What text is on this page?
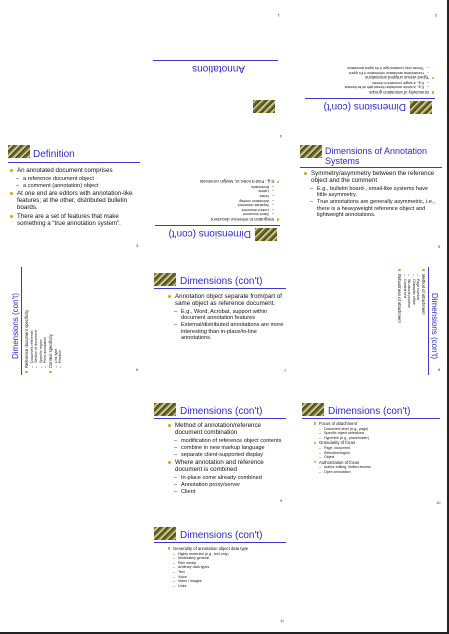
Annotations
1
Dimensions (con't)
Granularity of annotation groups
– E.g., a whole annotation thread with all its threads
– E.g., a single comment in thread
Typed versus untyped annotations
– Human/clear annotation information if it's typed
– Thread only contains type if it's typed annotation
2
Definition
An annotated document comprises
– a reference document object
– a comment (annotation) object
At one end are editors with annotation-like features; at the other, distributed bulletin boards.
There are a set of features that make something a “true annotation system”.
3
Dimensions (con't)
Integration to reference document
– Same document
– Linked document
– Separate document
– Annotation overlay
– Notes
– Labels
– Bookmarks
E.g., Post-It notes vs. Margin comments
4
Dimensions of Annotation Systems
Symmetry/asymmetry between the reference object and the comment
– E.g., bulletin board-, email-like systems have little asymmetry.
– True annotations are generally asymmetric, i.e., there is a heavyweight reference object and lightweight annotations.
5
Dimensions (con't) Reference document specificity – Document reference – Section of document – Specific region – Point annotation Context specificity – Link type – Position
6
Dimensions (con't)
Annotation object separate from/part of same object as reference document.
– E.g., Word, Acrobat, support within document annotation features
– External/distributed annotations are more interesting than in-place/in-line annotations.
7
Dimensions (con't)
Method of attachment
– Page number
– Character offset
– Structural position
– Context text
Robustness of attachment
8
Dimensions (con't)
Method of annotation/reference document combination
– modification of reference object contents
– combine in new markup language
– separate client-supported display
Where annotation and reference document is combined
– In-place come already combined
– Annotation proxy/server
– Client
9
Dimensions (con't)
Focus of attachment
– Document-level (e.g., page)
– Specific object selections
– Hyperlink (e.g., placeholder)
Granularity of focus
– Page, document
– Selection/region
– Object
Authorization of focus
– Author editing, limited access
– Open annotation
10
Dimensions (con't)
Generality of annotation object data type
– Highly restricted (e.g., text only)
– Moderately general
– Rich media
– Arbitrary data types
– Text
– Voice
– Video / images
– Links
11
